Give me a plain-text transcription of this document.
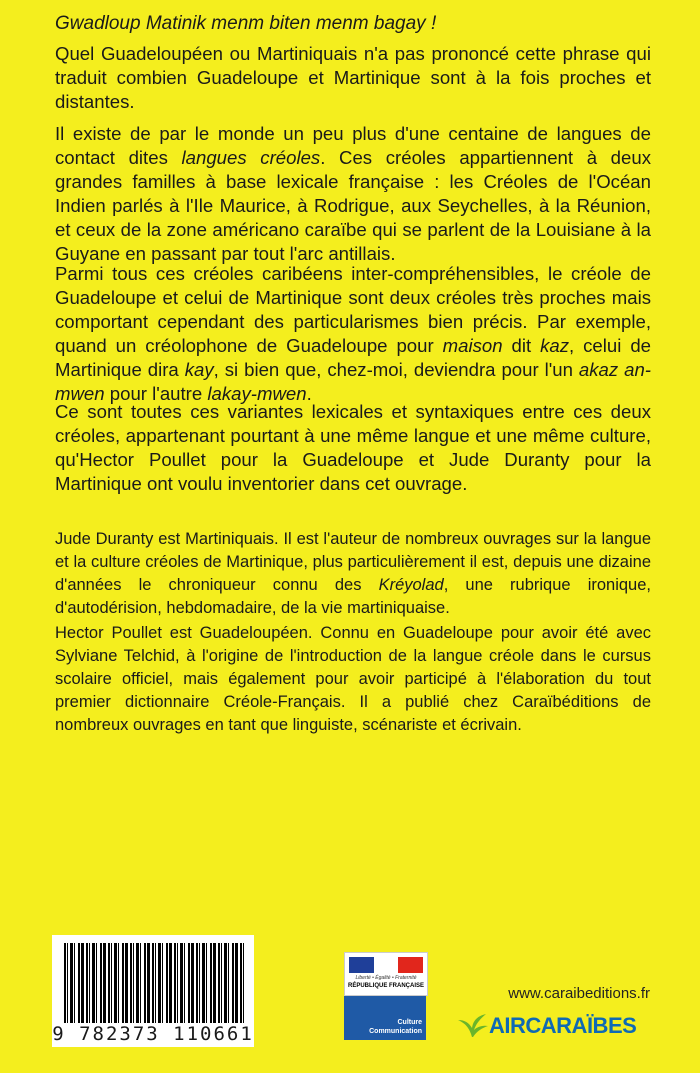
Gwadloup Matinik menm biten menm bagay !

Quel Guadeloupéen ou Martiniquais n'a pas prononcé cette phrase qui traduit combien Guadeloupe et Martinique sont à la fois proches et distantes.

Il existe de par le monde un peu plus d'une centaine de langues de contact dites langues créoles. Ces créoles appartiennent à deux grandes familles à base lexicale française : les Créoles de l'Océan Indien parlés à l'Ile Maurice, à Rodrigue, aux Seychelles, à la Réunion, et ceux de la zone américano caraïbe qui se parlent de la Louisiane à la Guyane en passant par tout l'arc antillais.

Parmi tous ces créoles caribéens inter-compréhensibles, le créole de Guadeloupe et celui de Martinique sont deux créoles très proches mais comportant cependant des particularismes bien précis. Par exemple, quand un créolophone de Guadeloupe pour maison dit kaz, celui de Martinique dira kay, si bien que, chez-moi, deviendra pour l'un akaz an-mwen pour l'autre lakay-mwen.

Ce sont toutes ces variantes lexicales et syntaxiques entre ces deux créoles, appartenant pourtant à une même langue et une même culture, qu'Hector Poullet pour la Guadeloupe et Jude Duranty pour la Martinique ont voulu inventorier dans cet ouvrage.

Jude Duranty est Martiniquais. Il est l'auteur de nombreux ouvrages sur la langue et la culture créoles de Martinique, plus particulièrement il est, depuis une dizaine d'années le chroniqueur connu des Kréyolad, une rubrique ironique, d'autodérision, hebdomadaire, de la vie martiniquaise.

Hector Poullet est Guadeloupéen. Connu en Guadeloupe pour avoir été avec Sylviane Telchid, à l'origine de l'introduction de la langue créole dans le cursus scolaire officiel, mais également pour avoir participé à l'élaboration du tout premier dictionnaire Créole-Français. Il a publié chez Caraïbéditions de nombreux ouvrages en tant que linguiste, scénariste et écrivain.

9 782373 110661
Liberté • Égalité • Fraternité
RÉPUBLIQUE FRANÇAISE
Culture
Communication
www.caraibeditions.fr
AIRCARAÏBES
